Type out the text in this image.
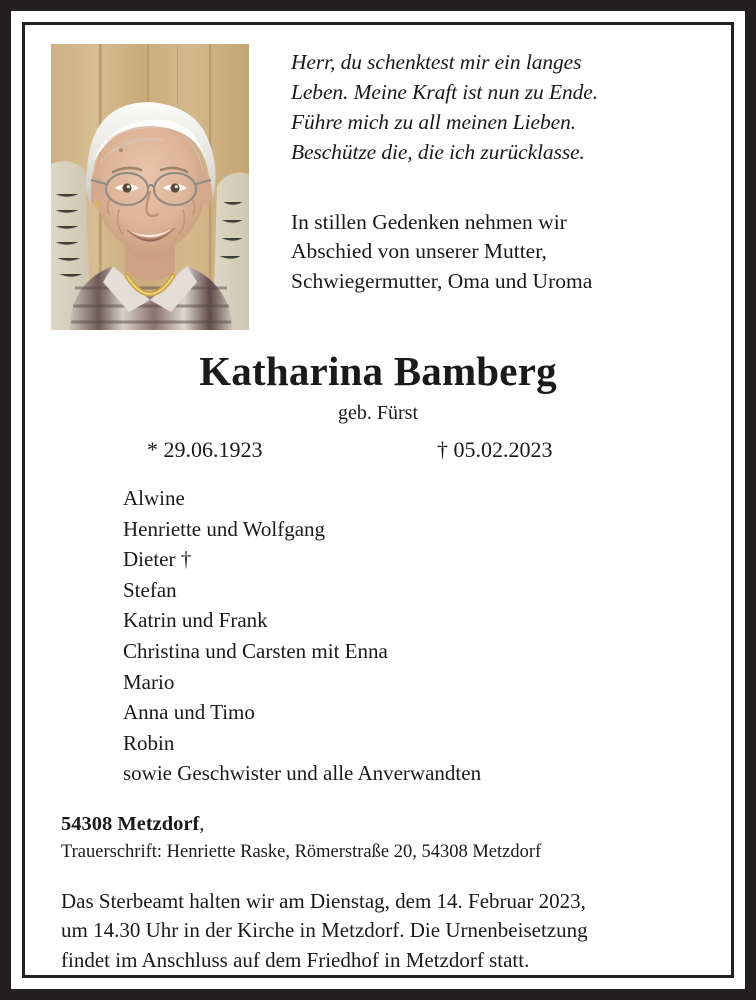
Herr, du schenktest mir ein langes
Leben. Meine Kraft ist nun zu Ende.
Führe mich zu all meinen Lieben.
Beschütze die, die ich zurücklasse.
In stillen Gedenken nehmen wir
Abschied von unserer Mutter,
Schwiegermutter, Oma und Uroma
Katharina Bamberg
geb. Fürst
* 29.06.1923	† 05.02.2023
Alwine
Henriette und Wolfgang
Dieter †
Stefan
Katrin und Frank
Christina und Carsten mit Enna
Mario
Anna und Timo
Robin
sowie Geschwister und alle Anverwandten
54308 Metzdorf,
Trauerschrift: Henriette Raske, Römerstraße 20, 54308 Metzdorf
Das Sterbeamt halten wir am Dienstag, dem 14. Februar 2023,
um 14.30 Uhr in der Kirche in Metzdorf. Die Urnenbeisetzung
findet im Anschluss auf dem Friedhof in Metzdorf statt.
